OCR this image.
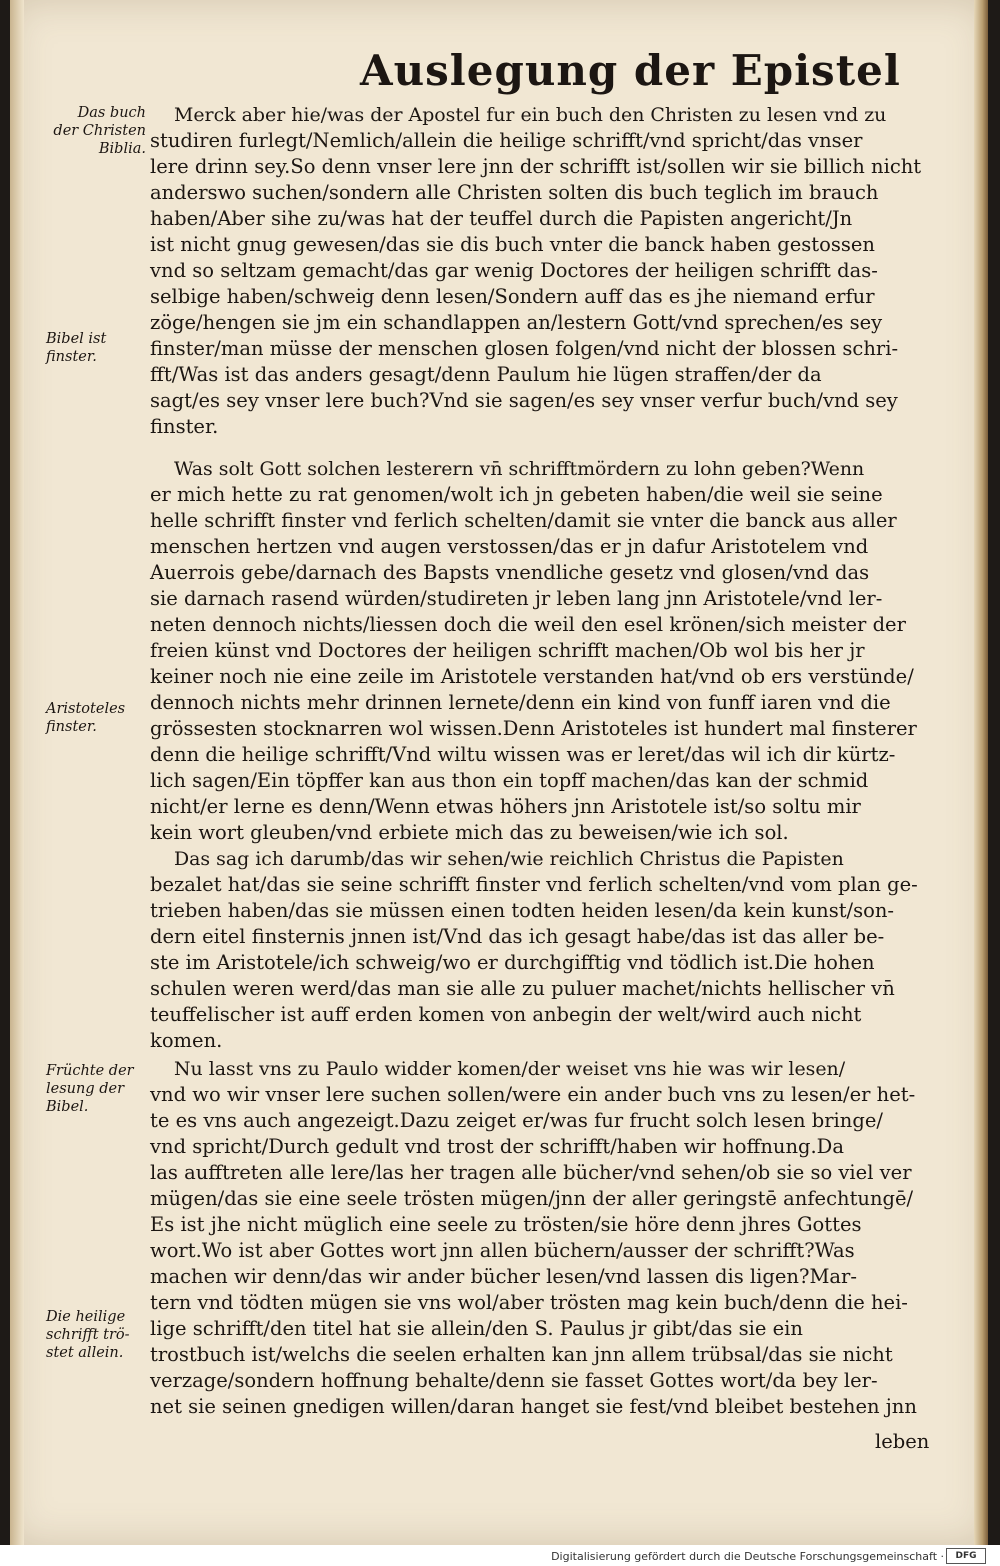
Auslegung der Epistel
Das buch
der Christen
Biblia.
Bibel ist
finster.
Aristoteles
finster.
Früchte der
lesung der
Bibel.
Die heilige
schrifft trö-
stet allein.
Merck aber hie/was der Apostel fur ein buch den Christen zu lesen vnd zu
studiren furlegt/Nemlich/allein die heilige schrifft/vnd spricht/das vnser
lere drinn sey.So denn vnser lere jnn der schrifft ist/sollen wir sie billich nicht
anderswo suchen/sondern alle Christen solten dis buch teglich im brauch
haben/Aber sihe zu/was hat der teuffel durch die Papisten angericht/Jn
ist nicht gnug gewesen/das sie dis buch vnter die banck haben gestossen
vnd so seltzam gemacht/das gar wenig Doctores der heiligen schrifft das-
selbige haben/schweig denn lesen/Sondern auff das es jhe niemand erfur
zöge/hengen sie jm ein schandlappen an/lestern Gott/vnd sprechen/es sey
finster/man müsse der menschen glosen folgen/vnd nicht der blossen schri-
fft/Was ist das anders gesagt/denn Paulum hie lügen straffen/der da
sagt/es sey vnser lere buch?Vnd sie sagen/es sey vnser verfur buch/vnd sey
finster.
Was solt Gott solchen lesterern vn̄ schrifftmördern zu lohn geben?Wenn
er mich hette zu rat genomen/wolt ich jn gebeten haben/die weil sie seine
helle schrifft finster vnd ferlich schelten/damit sie vnter die banck aus aller
menschen hertzen vnd augen verstossen/das er jn dafur Aristotelem vnd
Auerrois gebe/darnach des Bapsts vnendliche gesetz vnd glosen/vnd das
sie darnach rasend würden/studireten jr leben lang jnn Aristotele/vnd ler-
neten dennoch nichts/liessen doch die weil den esel krönen/sich meister der
freien künst vnd Doctores der heiligen schrifft machen/Ob wol bis her jr
keiner noch nie eine zeile im Aristotele verstanden hat/vnd ob ers verstünde/
dennoch nichts mehr drinnen lernete/denn ein kind von funff iaren vnd die
grössesten stocknarren wol wissen.Denn Aristoteles ist hundert mal finsterer
denn die heilige schrifft/Vnd wiltu wissen was er leret/das wil ich dir kürtz-
lich sagen/Ein töpffer kan aus thon ein topff machen/das kan der schmid
nicht/er lerne es denn/Wenn etwas höhers jnn Aristotele ist/so soltu mir
kein wort gleuben/vnd erbiete mich das zu beweisen/wie ich sol.
Das sag ich darumb/das wir sehen/wie reichlich Christus die Papisten
bezalet hat/das sie seine schrifft finster vnd ferlich schelten/vnd vom plan ge-
trieben haben/das sie müssen einen todten heiden lesen/da kein kunst/son-
dern eitel finsternis jnnen ist/Vnd das ich gesagt habe/das ist das aller be-
ste im Aristotele/ich schweig/wo er durchgifftig vnd tödlich ist.Die hohen
schulen weren werd/das man sie alle zu puluer machet/nichts hellischer vn̄
teuffelischer ist auff erden komen von anbegin der welt/wird auch nicht
komen.
Nu lasst vns zu Paulo widder komen/der weiset vns hie was wir lesen/
vnd wo wir vnser lere suchen sollen/were ein ander buch vns zu lesen/er het-
te es vns auch angezeigt.Dazu zeiget er/was fur frucht solch lesen bringe/
vnd spricht/Durch gedult vnd trost der schrifft/haben wir hoffnung.Da
las aufftreten alle lere/las her tragen alle bücher/vnd sehen/ob sie so viel ver
mügen/das sie eine seele trösten mügen/jnn der aller geringstē anfechtungē/
Es ist jhe nicht müglich eine seele zu trösten/sie höre denn jhres Gottes
wort.Wo ist aber Gottes wort jnn allen büchern/ausser der schrifft?Was
machen wir denn/das wir ander bücher lesen/vnd lassen dis ligen?Mar-
tern vnd tödten mügen sie vns wol/aber trösten mag kein buch/denn die hei-
lige schrifft/den titel hat sie allein/den S. Paulus jr gibt/das sie ein
trostbuch ist/welchs die seelen erhalten kan jnn allem trübsal/das sie nicht
verzage/sondern hoffnung behalte/denn sie fasset Gottes wort/da bey ler-
net sie seinen gnedigen willen/daran hanget sie fest/vnd bleibet bestehen jnn
leben
Digitalisierung gefördert durch die Deutsche Forschungsgemeinschaft ·	DFG
